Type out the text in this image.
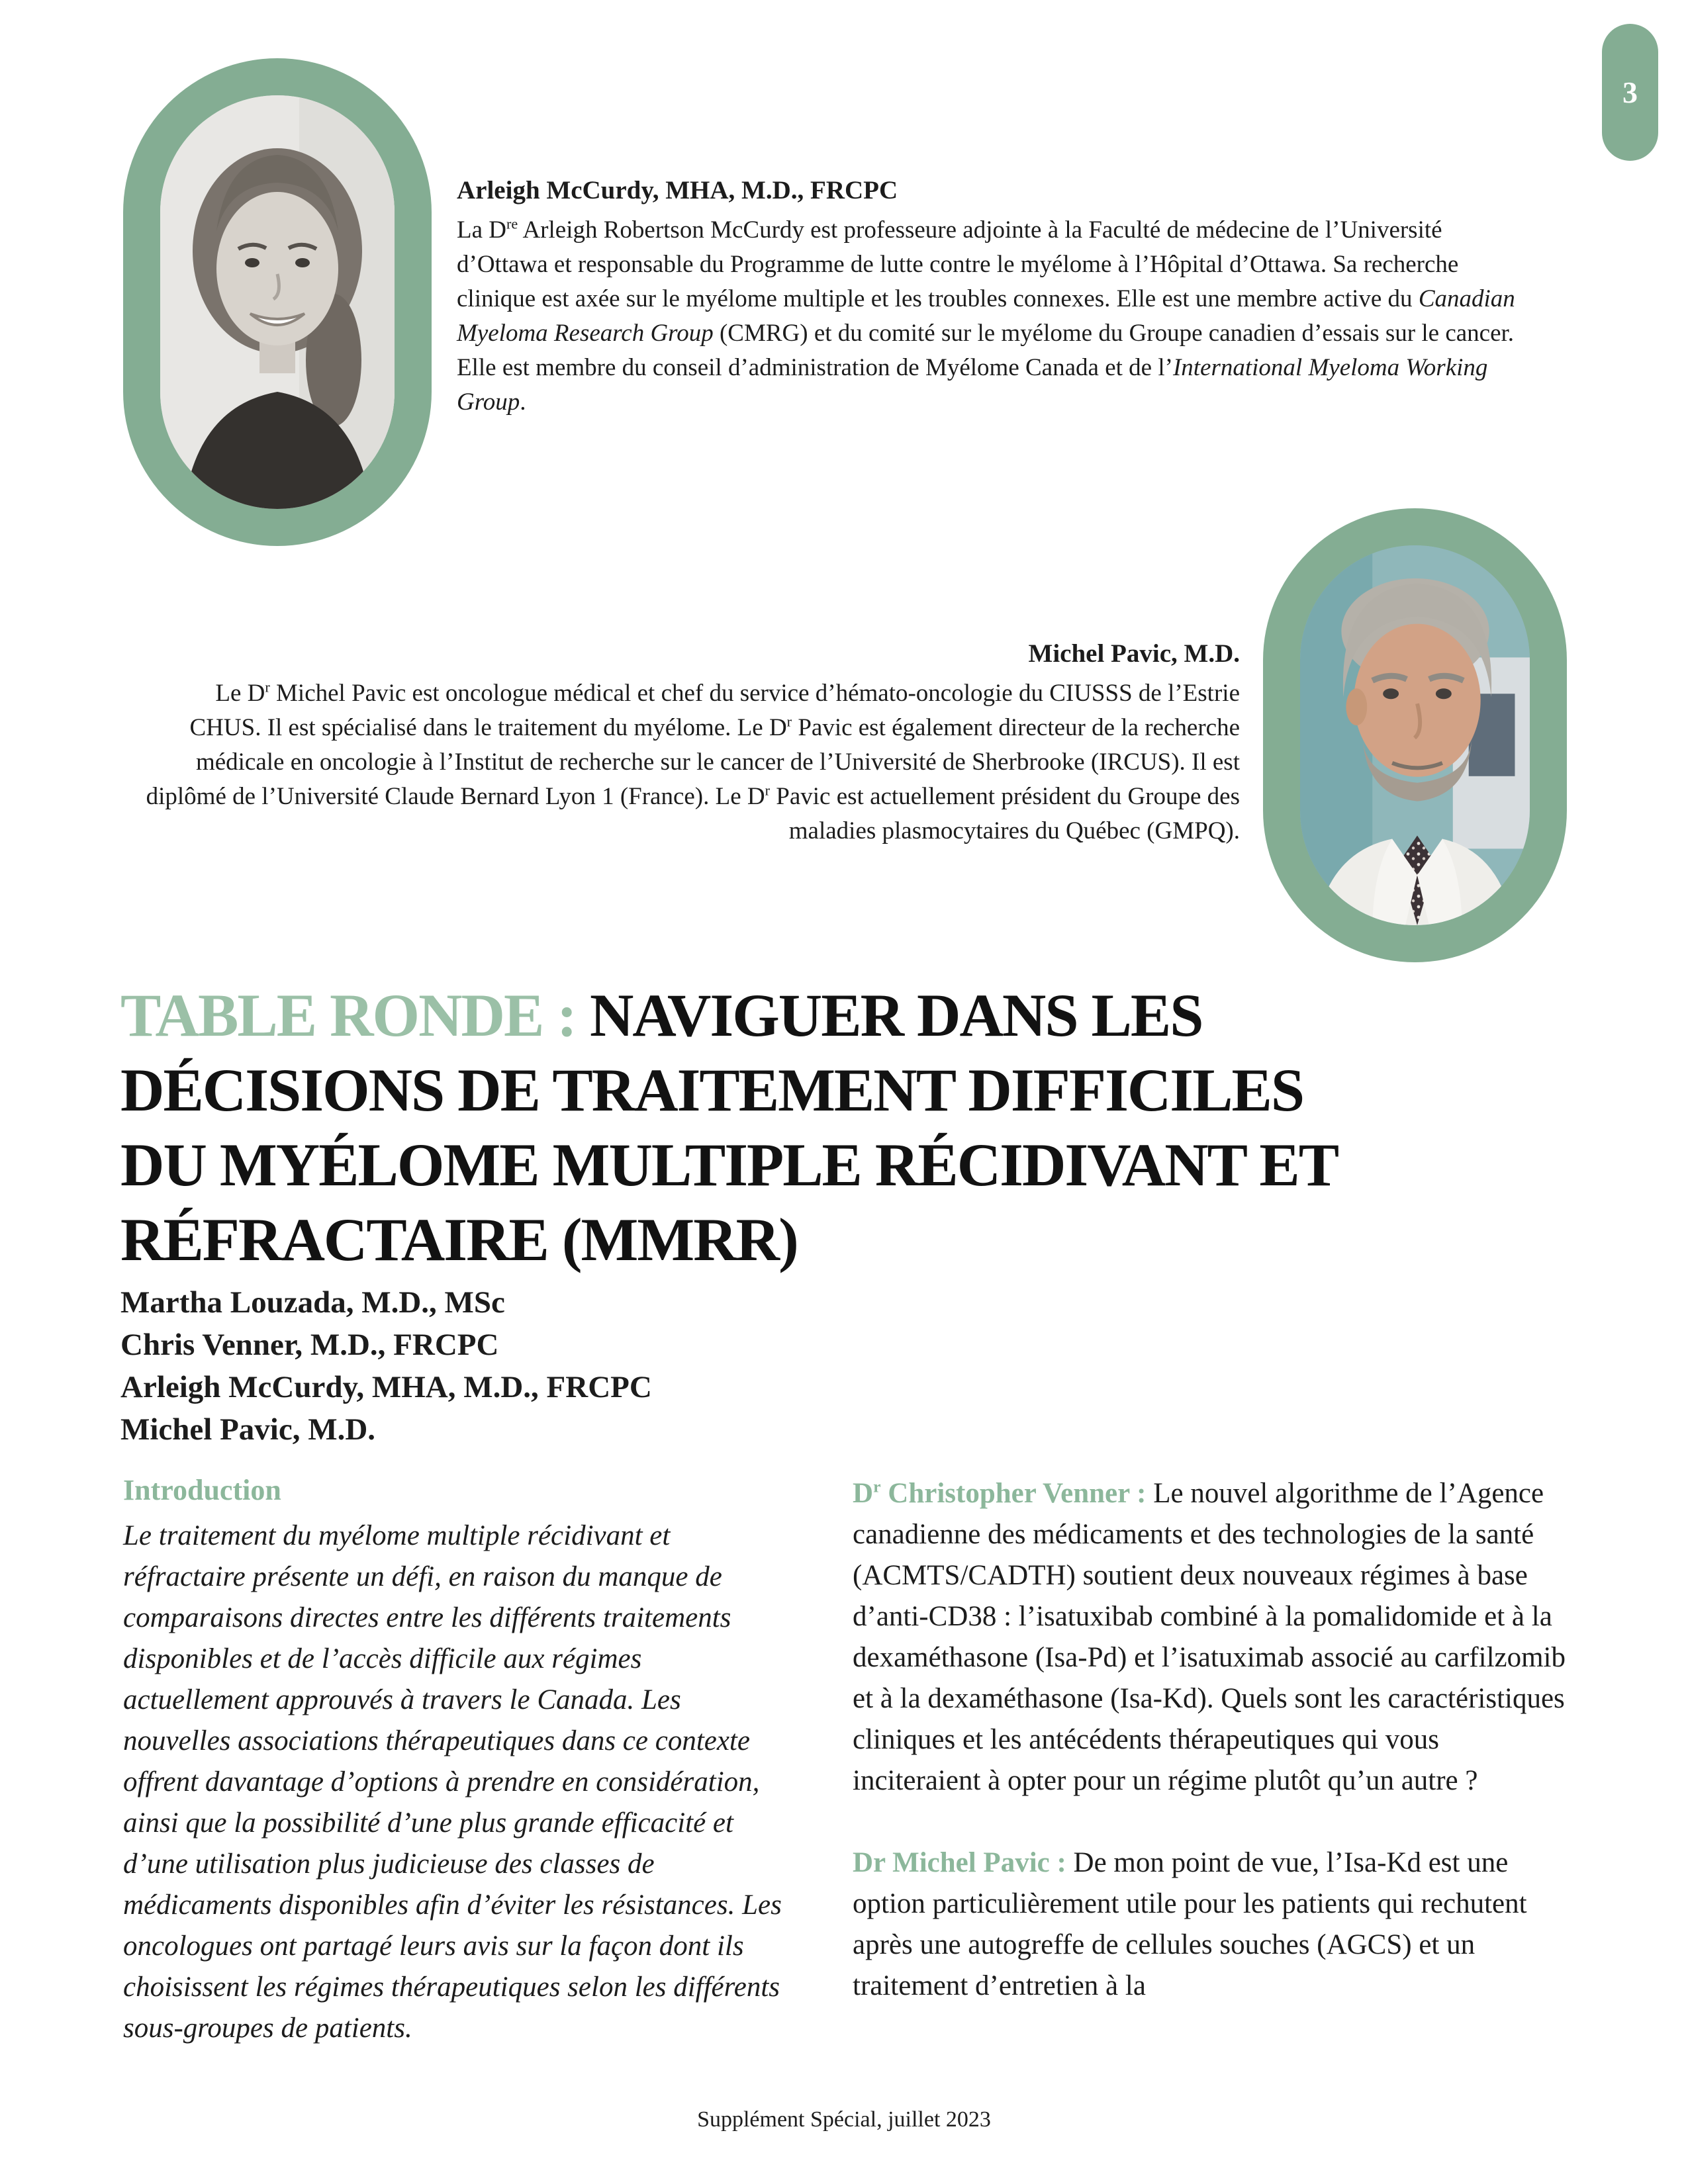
3
Arleigh McCurdy, MHA, M.D., FRCPC
La Dre Arleigh Robertson McCurdy est professeure adjointe à la Faculté de médecine de l’Université d’Ottawa et responsable du Programme de lutte contre le myélome à l’Hôpital d’Ottawa. Sa recherche clinique est axée sur le myélome multiple et les troubles connexes. Elle est une membre active du Canadian Myeloma Research Group (CMRG) et du comité sur le myélome du Groupe canadien d’essais sur le cancer. Elle est membre du conseil d’administration de Myélome Canada et de l’International Myeloma Working Group.
Michel Pavic, M.D.
Le $D^r$ Michel Pavic est oncologue médical et chef du service d’hémato-oncologie du CIUSSS de l’Estrie CHUS. Il est spécialisé dans le traitement du myélome. Le $D^r$ Pavic est également directeur de la recherche médicale en oncologie à l’Institut de recherche sur le cancer de l’Université de Sherbrooke (IRCUS). Il est diplômé de l’Université Claude Bernard Lyon 1 (France). Le $D^r$ Pavic est actuellement président du Groupe des maladies plasmocytaires du Québec (GMPQ).
TABLE RONDE : NAVIGUER DANS LES
DÉCISIONS DE TRAITEMENT DIFFICILES
DU MYÉLOME MULTIPLE RÉCIDIVANT ET
RÉFRACTAIRE (MMRR)
Martha Louzada, M.D., MSc
Chris Venner, M.D., FRCPC
Arleigh McCurdy, MHA, M.D., FRCPC
Michel Pavic, M.D.
Introduction
Le traitement du myélome multiple récidivant et réfractaire présente un défi, en raison du manque de comparaisons directes entre les différents traitements disponibles et de l’accès difficile aux régimes actuellement approuvés à travers le Canada. Les nouvelles associations thérapeutiques dans ce contexte offrent davantage d’options à prendre en considération, ainsi que la possibilité d’une plus grande efficacité et d’une utilisation plus judicieuse des classes de médicaments disponibles afin d’éviter les résistances. Les oncologues ont partagé leurs avis sur la façon dont ils choisissent les régimes thérapeutiques selon les différents sous-groupes de patients.

$D^r$ Christopher Venner : Le nouvel algorithme de l’Agence canadienne des médicaments et des technologies de la santé (ACMTS/CADTH) soutient deux nouveaux régimes à base d’anti-CD38 : l’isatuxibab combiné à la pomalidomide et à la dexaméthasone (Isa-Pd) et l’isatuximab associé au carfilzomib et à la dexaméthasone (Isa-Kd). Quels sont les caractéristiques cliniques et les antécédents thérapeutiques qui vous inciteraient à opter pour un régime plutôt qu’un autre ?

Dr Michel Pavic : De mon point de vue, l’Isa-Kd est une option particulièrement utile pour les patients qui rechutent après une autogreffe de cellules souches (AGCS) et un traitement d’entretien à la

Supplément Spécial, juillet 2023
